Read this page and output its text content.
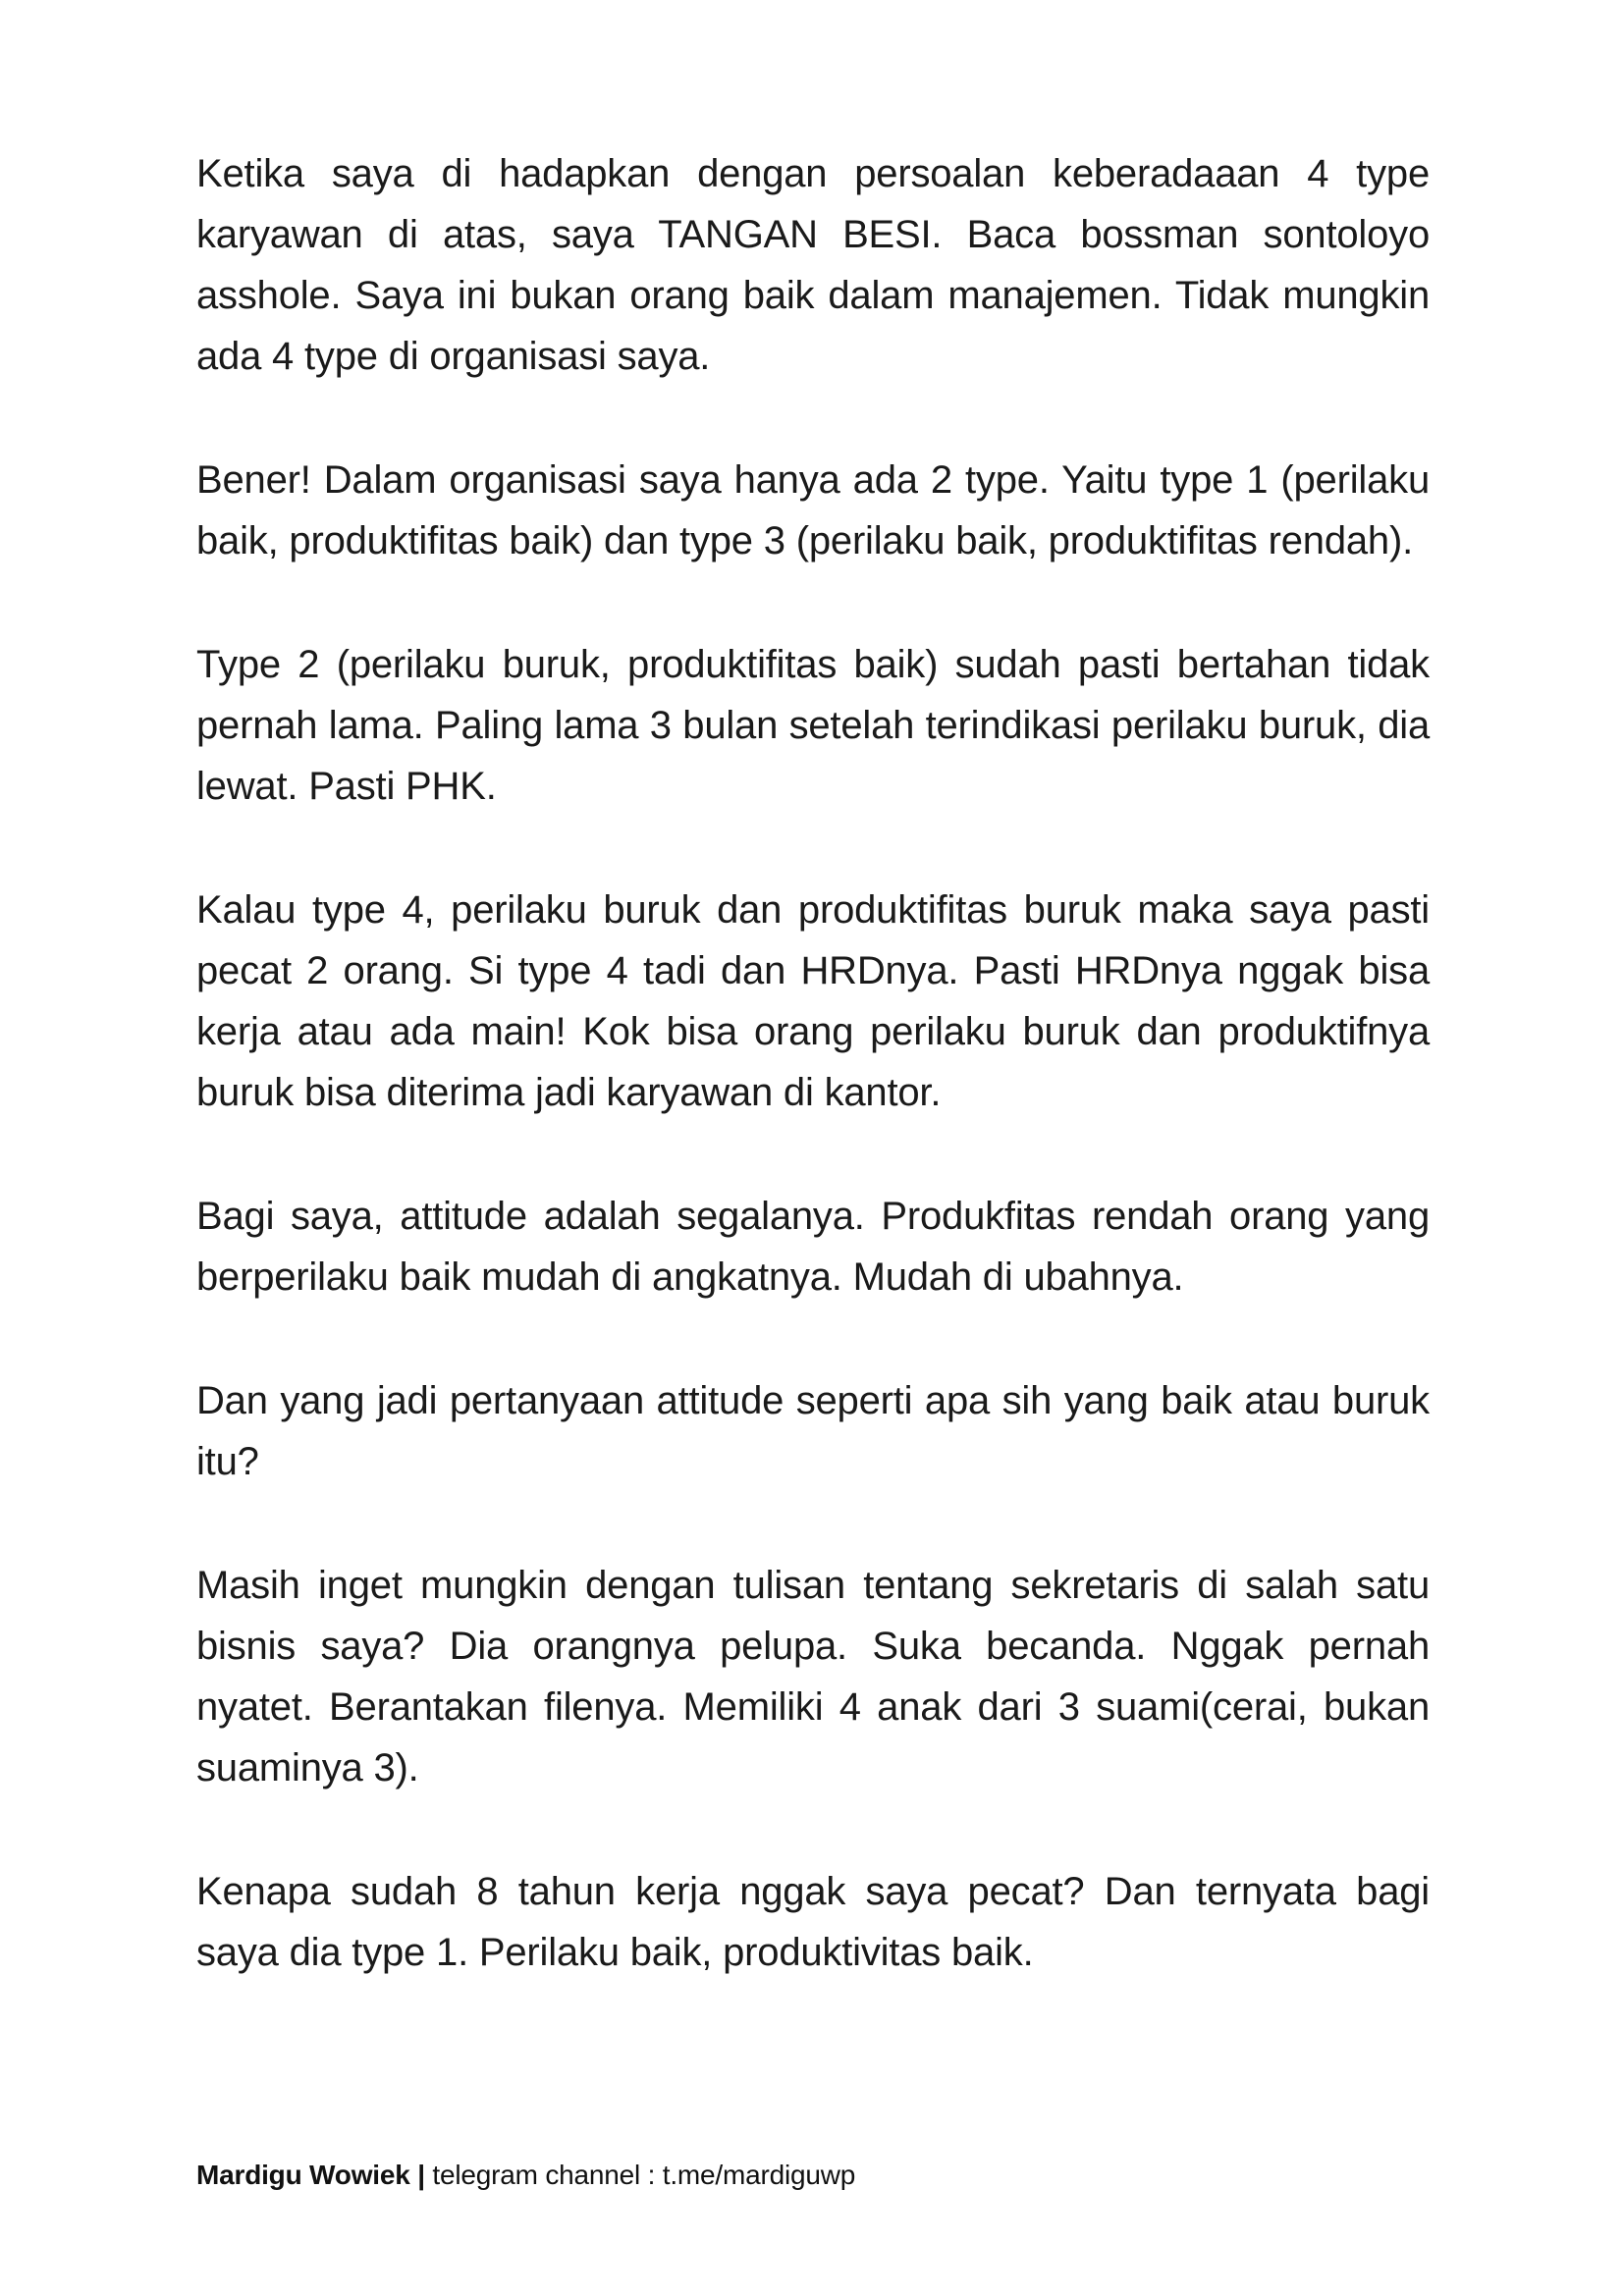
Ketika saya di hadapkan dengan persoalan keberadaaan 4 type karyawan di atas, saya TANGAN BESI. Baca bossman sontoloyo asshole. Saya ini bukan orang baik dalam manajemen. Tidak mungkin ada 4 type di organisasi saya.

Bener! Dalam organisasi saya hanya ada 2 type. Yaitu type 1 (perilaku baik, produktifitas baik) dan type 3 (perilaku baik, produktifitas rendah).

Type 2 (perilaku buruk, produktifitas baik) sudah pasti bertahan tidak pernah lama. Paling lama 3 bulan setelah terindikasi perilaku buruk, dia lewat. Pasti PHK.

Kalau type 4, perilaku buruk dan produktifitas buruk maka saya pasti pecat 2 orang. Si type 4 tadi dan HRDnya. Pasti HRDnya nggak bisa kerja atau ada main! Kok bisa orang perilaku buruk dan produktifnya buruk bisa diterima jadi karyawan di kantor.

Bagi saya, attitude adalah segalanya. Produkfitas rendah orang yang berperilaku baik mudah di angkatnya. Mudah di ubahnya.

Dan yang jadi pertanyaan attitude seperti apa sih yang baik atau buruk itu?

Masih inget mungkin dengan tulisan tentang sekretaris di salah satu bisnis saya? Dia orangnya pelupa. Suka becanda. Nggak pernah nyatet. Berantakan filenya. Memiliki 4 anak dari 3 suami(cerai, bukan suaminya 3).

Kenapa sudah 8 tahun kerja nggak saya pecat? Dan ternyata bagi saya dia type 1. Perilaku baik, produktivitas baik.

Mardigu Wowiek | telegram channel : t.me/mardiguwp
